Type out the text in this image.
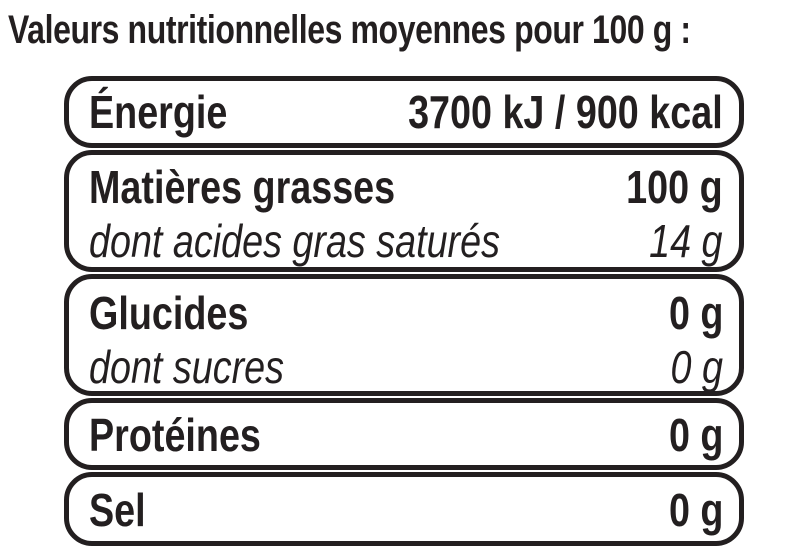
Valeurs nutritionnelles moyennes pour 100 g :
Énergie	3700 kJ / 900 kcal
Matières grasses	100 g
dont acides gras saturés	14 g
Glucides	0 g
dont sucres	0 g
Protéines	0 g
Sel	0 g
